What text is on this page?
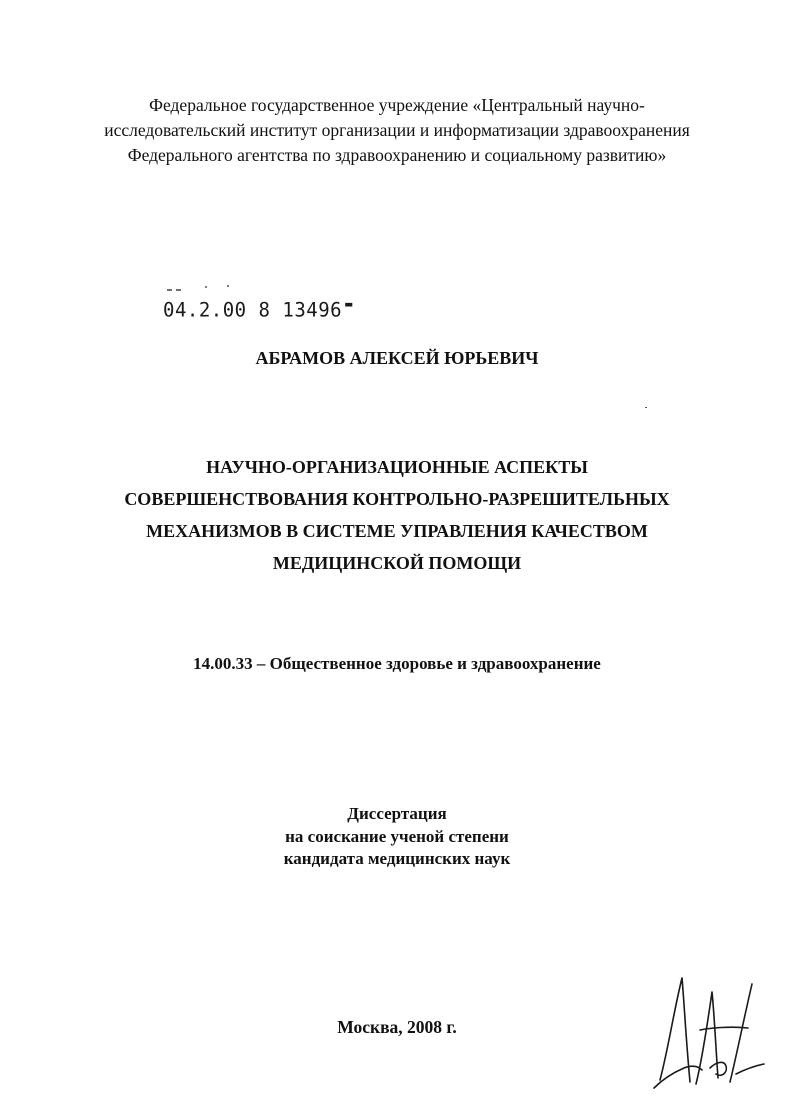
Федеральное государственное учреждение «Центральный научно-
исследовательский институт организации и информатизации здравоохранения
Федерального агентства по здравоохранению и социальному развитию»
04.2.00 8 13496 ▬
АБРАМОВ АЛЕКСЕЙ ЮРЬЕВИЧ
НАУЧНО-ОРГАНИЗАЦИОННЫЕ АСПЕКТЫ
СОВЕРШЕНСТВОВАНИЯ КОНТРОЛЬНО-РАЗРЕШИТЕЛЬНЫХ
МЕХАНИЗМОВ В СИСТЕМЕ УПРАВЛЕНИЯ КАЧЕСТВОМ
МЕДИЦИНСКОЙ ПОМОЩИ
14.00.33 – Общественное здоровье и здравоохранение
Диссертация
на соискание ученой степени
кандидата медицинских наук
Москва, 2008 г.
